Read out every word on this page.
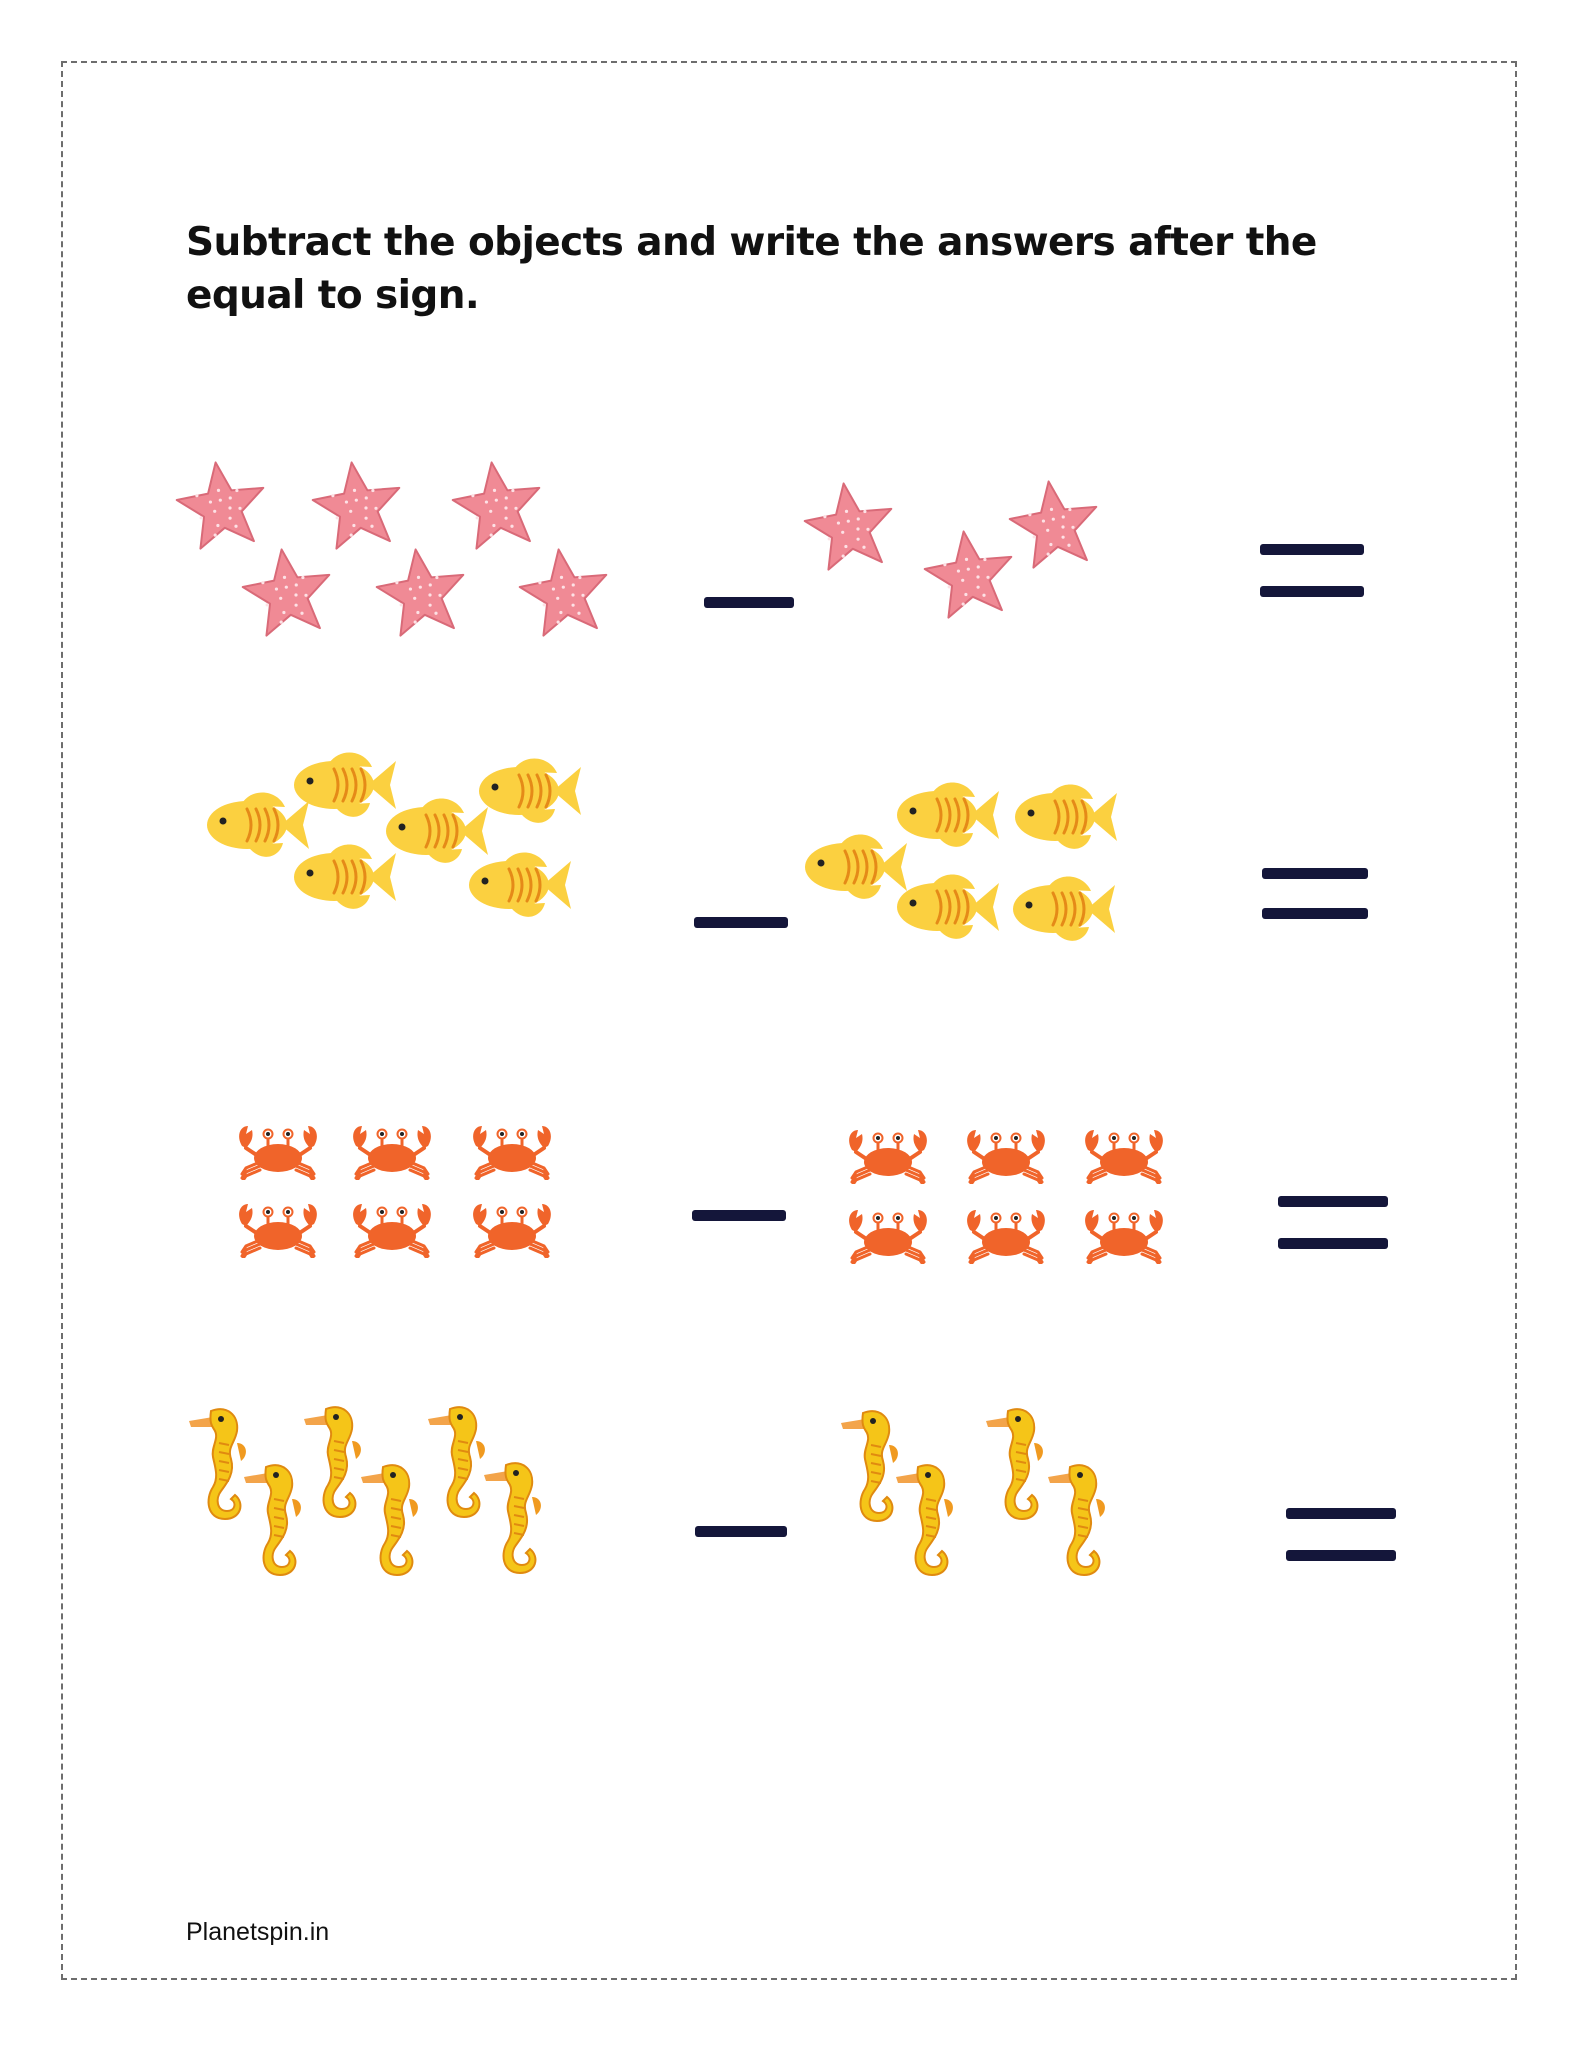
Subtract the objects and write the answers after the equal to sign.
Planetspin.in
